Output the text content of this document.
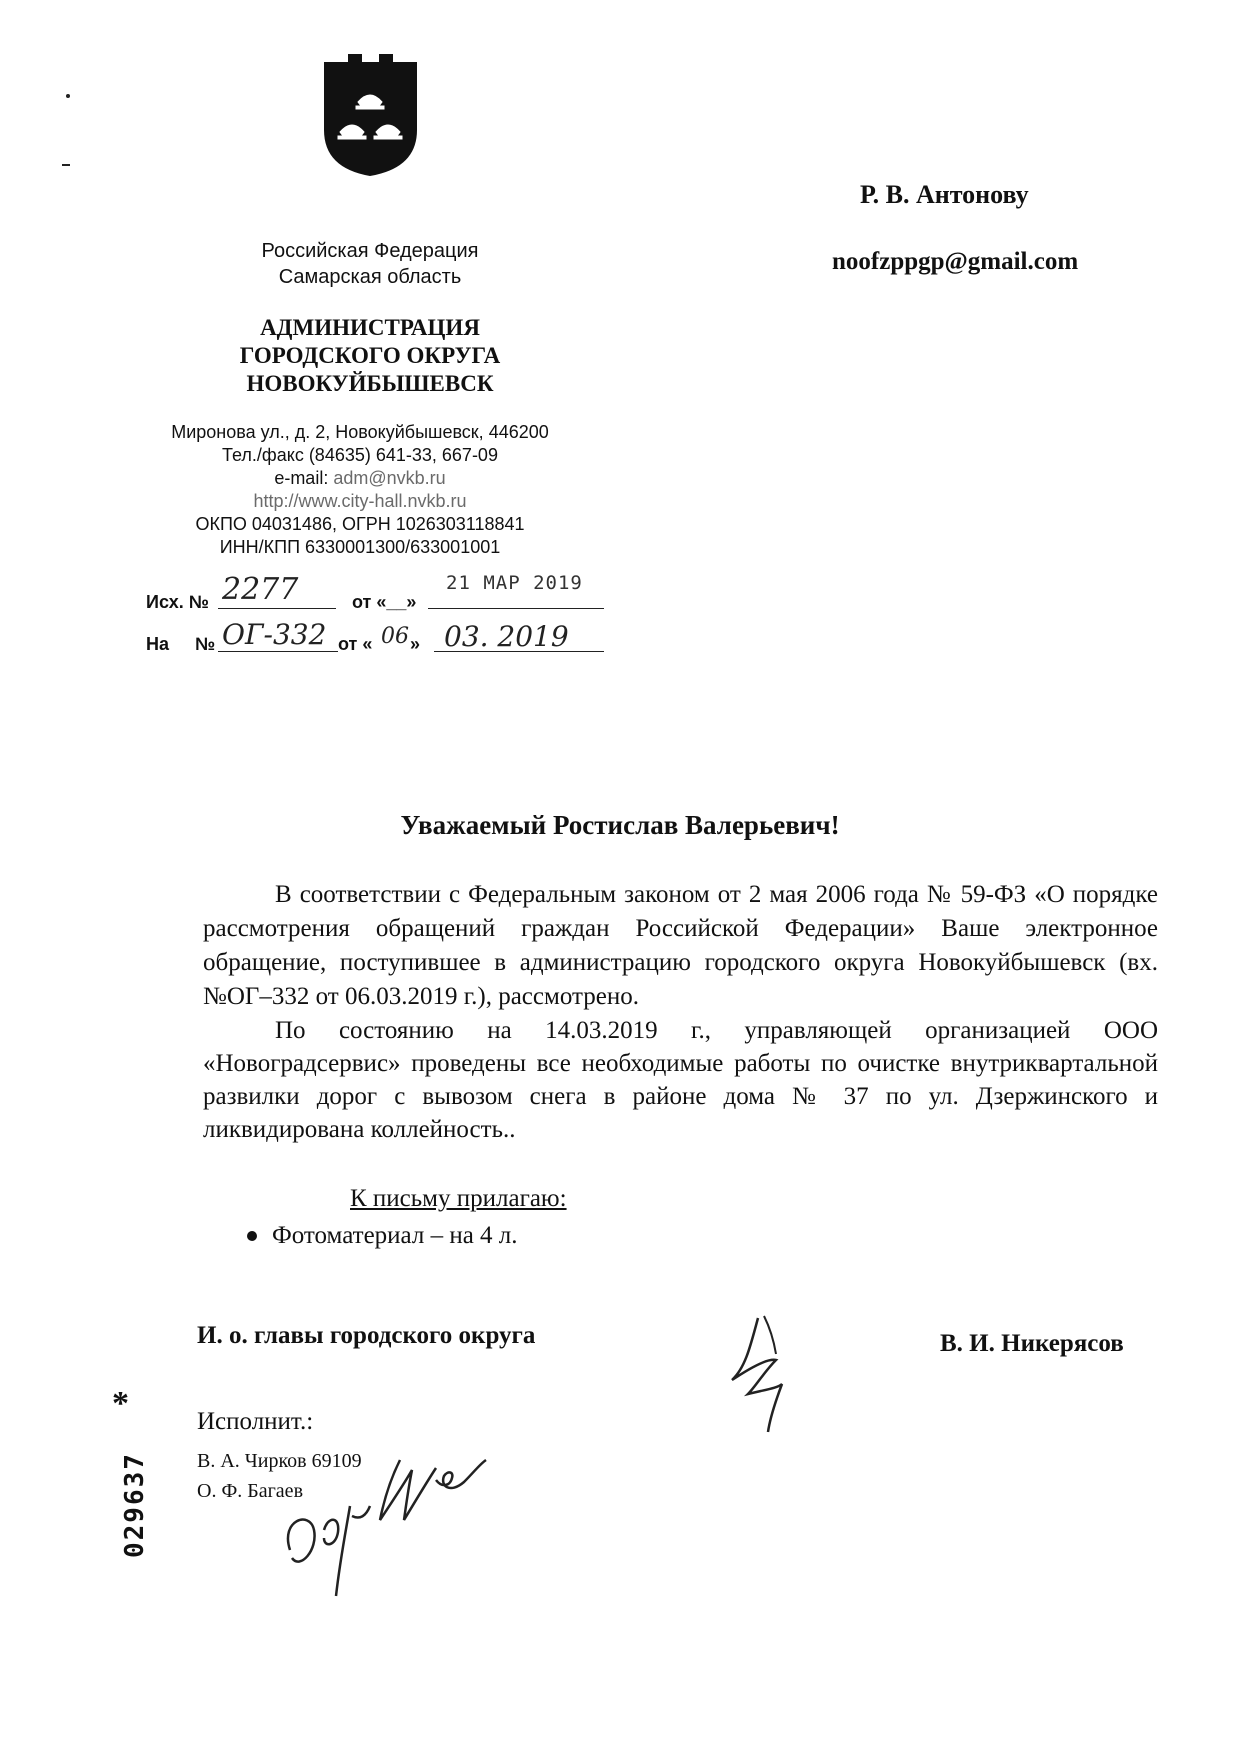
Российская Федерация
Самарская область
АДМИНИСТРАЦИЯ
ГОРОДСКОГО ОКРУГА
НОВОКУЙБЫШЕВСК
Миронова ул., д. 2, Новокуйбышевск, 446200
Тел./факс (84635) 641-33, 667-09
e-mail: adm@nvkb.ru
http://www.city-hall.nvkb.ru
ОКПО 04031486, ОГРН 1026303118841
ИНН/КПП 6330001300/633001001
Исх. № 2277	от «__»
21 МАР 2019
На № ОГ-332 от « 06 » 03. 2019
Р. В. Антонову
noofzppgp@gmail.com
Уважаемый Ростислав Валерьевич!
В соответствии с Федеральным законом от 2 мая 2006 года № 59-ФЗ «О порядке рассмотрения обращений граждан Российской Федерации» Ваше электронное обращение, поступившее в администрацию городского округа Новокуйбышевск (вх. №ОГ–332 от 06.03.2019 г.), рассмотрено.
По состоянию на 14.03.2019 г., управляющей организацией ООО «Новоградсервис» проведены все необходимые работы по очистке внутриквартальной развилки дорог с вывозом снега в районе дома № 37 по ул. Дзержинского и ликвидирована коллейность..
К письму прилагаю:
Фотоматериал – на 4 л.
И. о. главы городского округа	В. И. Никерясов
*
029637
Исполнит.:
В. А. Чирков 69109
О. Ф. Багаев
